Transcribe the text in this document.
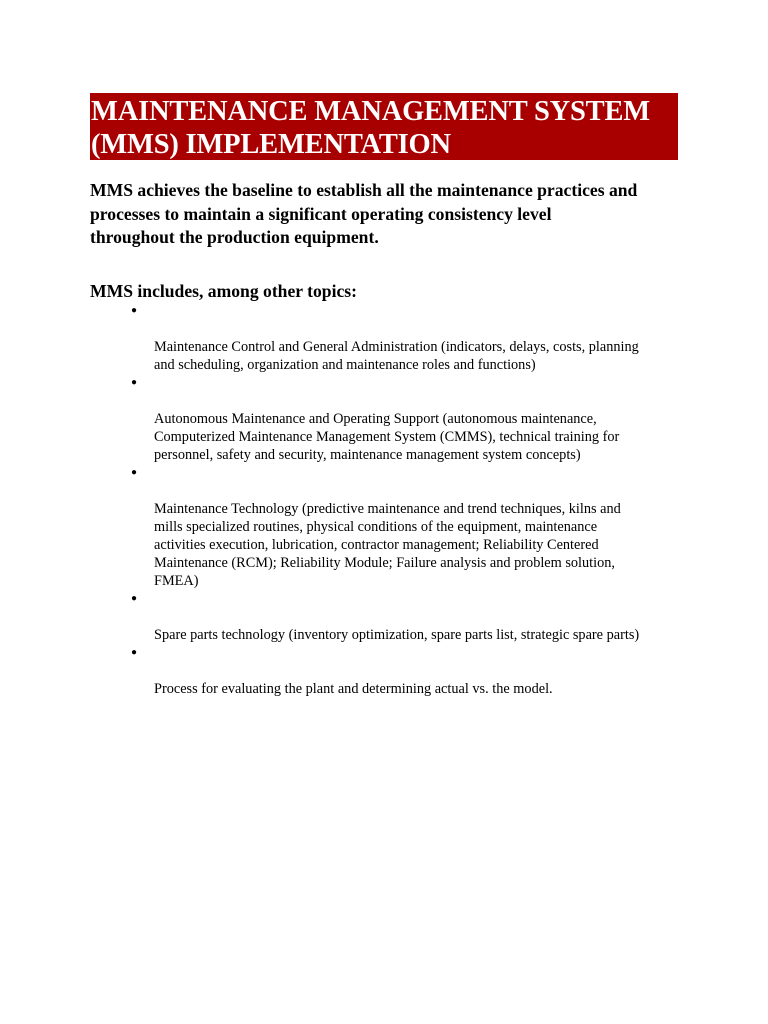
MAINTENANCE MANAGEMENT SYSTEM
(MMS) IMPLEMENTATION
MMS achieves the baseline to establish all the maintenance practices and
processes to maintain a significant operating consistency level
throughout the production equipment.
MMS includes, among other topics:

●

Maintenance Control and General Administration (indicators, delays, costs, planning
and scheduling, organization and maintenance roles and functions)

●

Autonomous Maintenance and Operating Support (autonomous maintenance,
Computerized Maintenance Management System (CMMS), technical training for
personnel, safety and security, maintenance management system concepts)

●

Maintenance Technology (predictive maintenance and trend techniques, kilns and
mills specialized routines, physical conditions of the equipment, maintenance
activities execution, lubrication, contractor management; Reliability Centered
Maintenance (RCM); Reliability Module; Failure analysis and problem solution,
FMEA)

●

Spare parts technology (inventory optimization, spare parts list, strategic spare parts)

●

Process for evaluating the plant and determining actual vs. the model.
